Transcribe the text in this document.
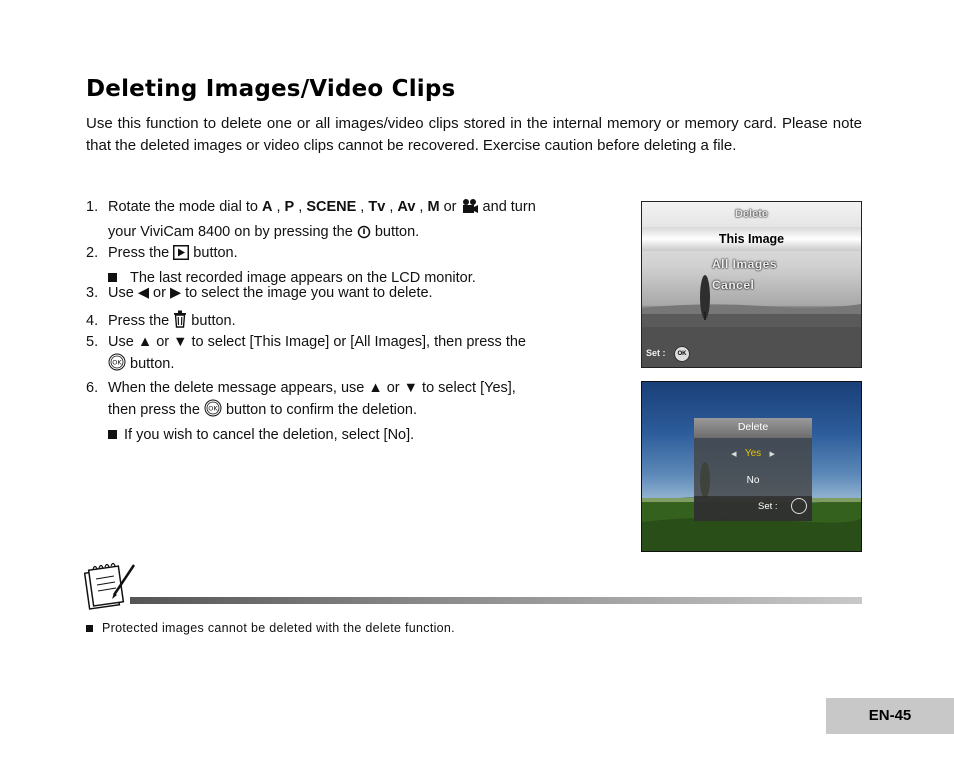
Deleting Images/Video Clips
Use this function to delete one or all images/video clips stored in the internal memory or memory card. Please note that the deleted images or video clips cannot be recovered. Exercise caution before deleting a file.
1. Rotate the mode dial to A , P , SCENE , Tv , Av , M or  and turn
your ViviCam 8400 on by pressing the  button.
2. Press the  button.
The last recorded image appears on the LCD monitor.
3. Use ◀ or ▶ to select the image you want to delete.
4. Press the  button.
5. Use ▲ or ▼ to select [This Image] or [All Images], then press the

OK button.
6. When the delete message appears, use ▲ or ▼ to select [Yes],
then press the OK button to confirm the deletion.
If you wish to cancel the deletion, select [No].
Delete
This Image
All Images
Cancel
Set :	OK
Delete
◀ Yes ▶
No
Set :
Protected images cannot be deleted with the delete function.
EN-45
